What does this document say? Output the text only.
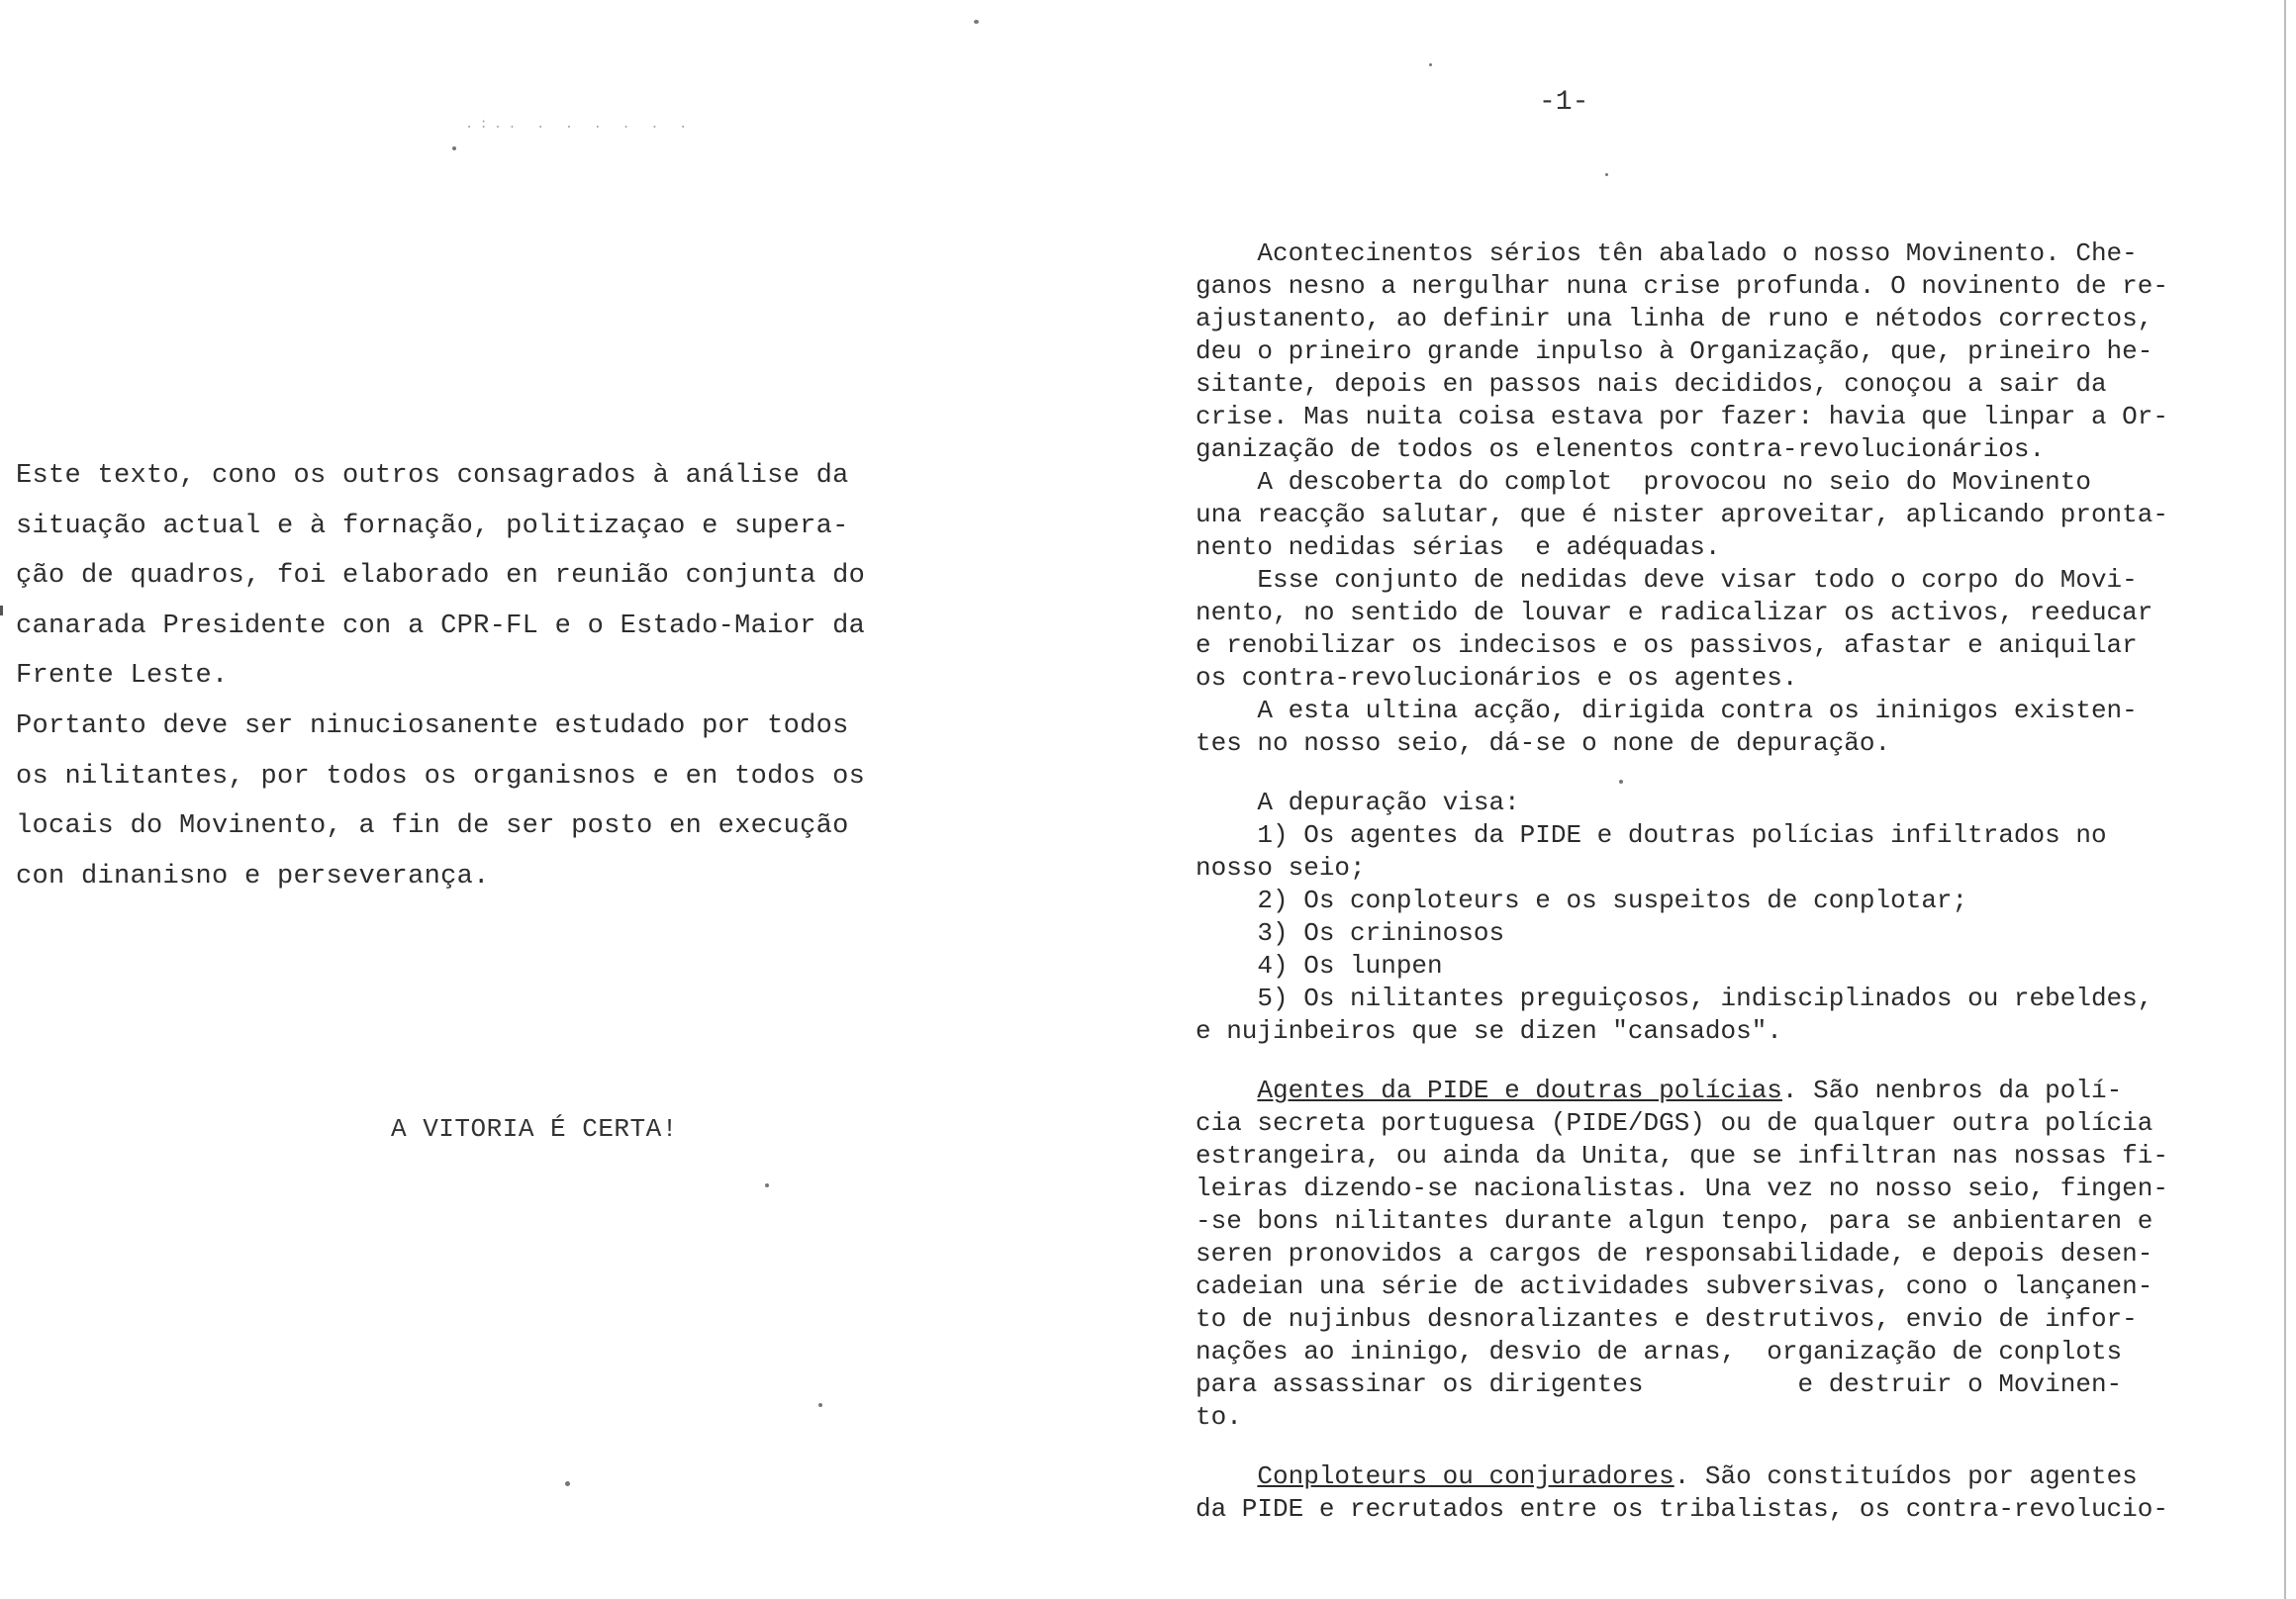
Este texto, cono os outros consagrados à análise da
situação actual e à fornação, politizaçao e supera-
ção de quadros, foi elaborado en reunião conjunta do
canarada Presidente con a CPR-FL e o Estado-Maior da
Frente Leste.

Portanto deve ser ninuciosanente estudado por todos
os nilitantes, por todos os organisnos e en todos os
locais do Movinento, a fin de ser posto en execução
con dinanisno e perseverança.

A VITORIA É CERTA!

.:.. . . . . . .

-1-

Acontecinentos sérios tên abalado o nosso Movinento. Che-

ganos nesno a nergulhar nuna crise profunda. O novinento de re-

ajustanento, ao definir una linha de runo e nétodos correctos,

deu o prineiro grande inpulso à Organização, que, prineiro he-

sitante, depois en passos nais decididos, conoçou a sair da

crise. Mas nuita coisa estava por fazer: havia que linpar a Or-

ganização de todos os elenentos contra-revolucionários.

A descoberta do complot  provocou no seio do Movinento

una reacção salutar, que é nister aproveitar, aplicando pronta-

nento nedidas sérias  e adéquadas.

Esse conjunto de nedidas deve visar todo o corpo do Movi-

nento, no sentido de louvar e radicalizar os activos, reeducar

e renobilizar os indecisos e os passivos, afastar e aniquilar

os contra-revolucionários e os agentes.

A esta ultina acção, dirigida contra os ininigos existen-

tes no nosso seio, dá-se o none de depuração.

A depuração visa:

1) Os agentes da PIDE e doutras polícias infiltrados no

nosso seio;

2) Os conploteurs e os suspeitos de conplotar;

3) Os crininosos

4) Os lunpen

5) Os nilitantes preguiçosos, indisciplinados ou rebeldes,

e nujinbeiros que se dizen "cansados".

Agentes da PIDE e doutras polícias. São nenbros da polí-

cia secreta portuguesa (PIDE/DGS) ou de qualquer outra polícia

estrangeira, ou ainda da Unita, que se infiltran nas nossas fi-

leiras dizendo-se nacionalistas. Una vez no nosso seio, fingen-

-se bons nilitantes durante algun tenpo, para se anbientaren e

seren pronovidos a cargos de responsabilidade, e depois desen-

cadeian una série de actividades subversivas, cono o lançanen-

to de nujinbus desnoralizantes e destrutivos, envio de infor-

nações ao ininigo, desvio de arnas,  organização de conplots

para assassinar os dirigentes          e destruir o Movinen-

to.

Conploteurs ou conjuradores. São constituídos por agentes

da PIDE e recrutados entre os tribalistas, os contra-revolucio-
